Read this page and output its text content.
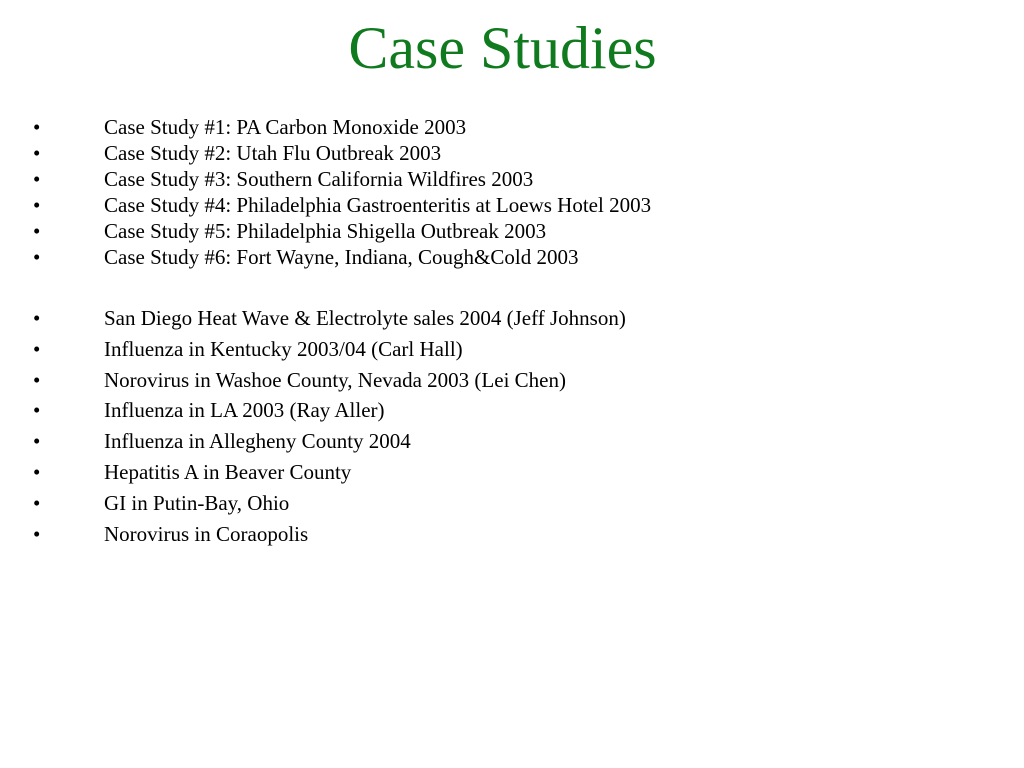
Case Studies
•	Case Study #1: PA Carbon Monoxide 2003
•	Case Study #2: Utah Flu Outbreak 2003
•	Case Study #3: Southern California Wildfires 2003
•	Case Study #4: Philadelphia Gastroenteritis at Loews Hotel 2003
•	Case Study #5: Philadelphia Shigella Outbreak 2003
•	Case Study #6: Fort Wayne, Indiana, Cough&Cold 2003
•	San Diego Heat Wave & Electrolyte sales 2004 (Jeff Johnson)
•	Influenza in Kentucky 2003/04 (Carl Hall)
•	Norovirus in Washoe County, Nevada 2003 (Lei Chen)
•	Influenza in LA 2003 (Ray Aller)
•	Influenza in Allegheny County 2004
•	Hepatitis A in Beaver County
•	GI in Putin-Bay, Ohio
•	Norovirus in Coraopolis
